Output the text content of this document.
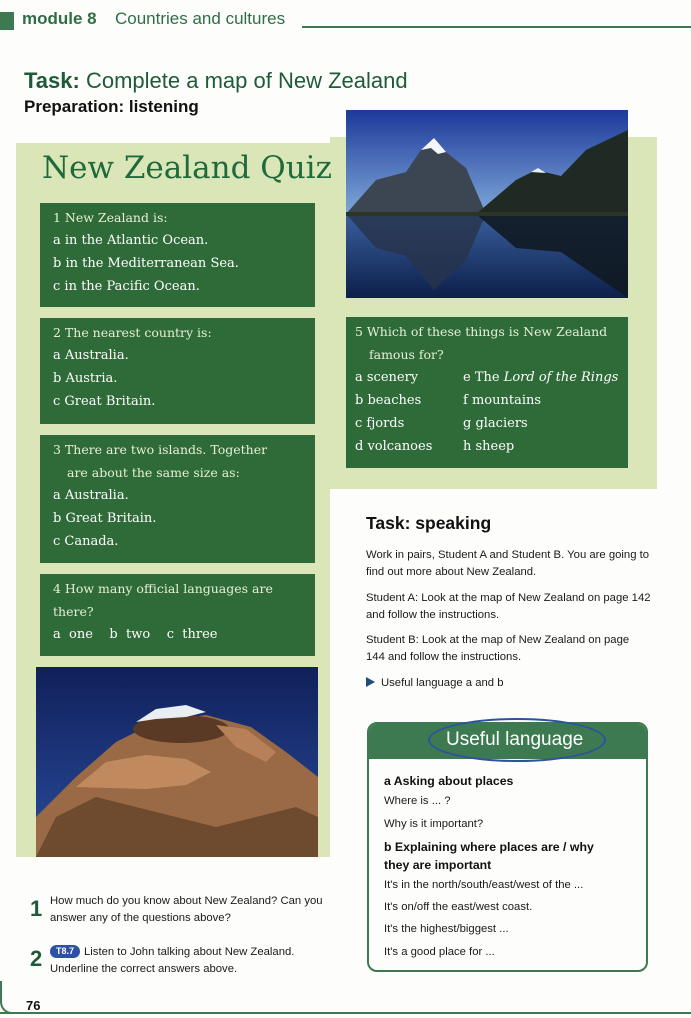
module 8 Countries and cultures
Task: Complete a map of New Zealand
Preparation: listening
New Zealand Quiz
1 New Zealand is:
a in the Atlantic Ocean.
b in the Mediterranean Sea.
c in the Pacific Ocean.
2 The nearest country is:
a Australia.
b Austria.
c Great Britain.
3 There are two islands. Together
are about the same size as:
a Australia.
b Great Britain.
c Canada.
4 How many official languages are
there?
a  one    b  two    c  three
5 Which of these things is New Zealand
famous for?
a scenery	e The Lord of the Rings
b beaches	f mountains
c fjords	g glaciers
d volcanoes	h sheep
1 How much do you know about New Zealand? Can you answer any of the questions above?
2	T8.7 Listen to John talking about New Zealand. Underline the correct answers above.
Task: speaking
Work in pairs, Student A and Student B. You are going to find out more about New Zealand.
Student A: Look at the map of New Zealand on page 142 and follow the instructions.
Student B: Look at the map of New Zealand on page 144 and follow the instructions.
Useful language a and b
Useful language
a Asking about places
Where is ... ?
Why is it important?
b Explaining where places are / why
they are important
It's in the north/south/east/west of the ...
It's on/off the east/west coast.
It's the highest/biggest ...
It's a good place for ...
76
